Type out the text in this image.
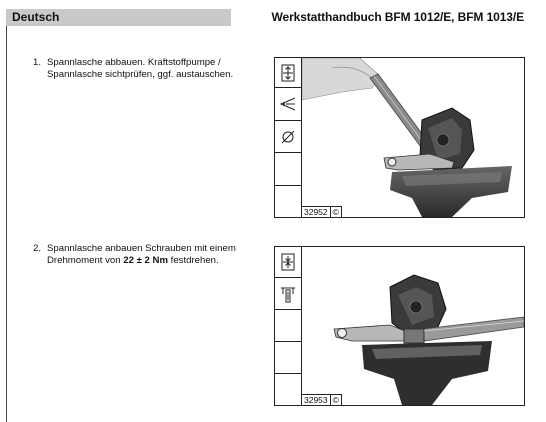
Deutsch	Werkstatthandbuch BFM 1012/E, BFM 1013/E
1. Spannlasche abbauen. Kraftstoffpumpe /
Spannlasche sichtprüfen, ggf. austauschen.
2. Spannlasche anbauen Schrauben mit einem
Drehmoment von 22 ± 2 Nm festdrehen.
32952 ©
32953 ©
